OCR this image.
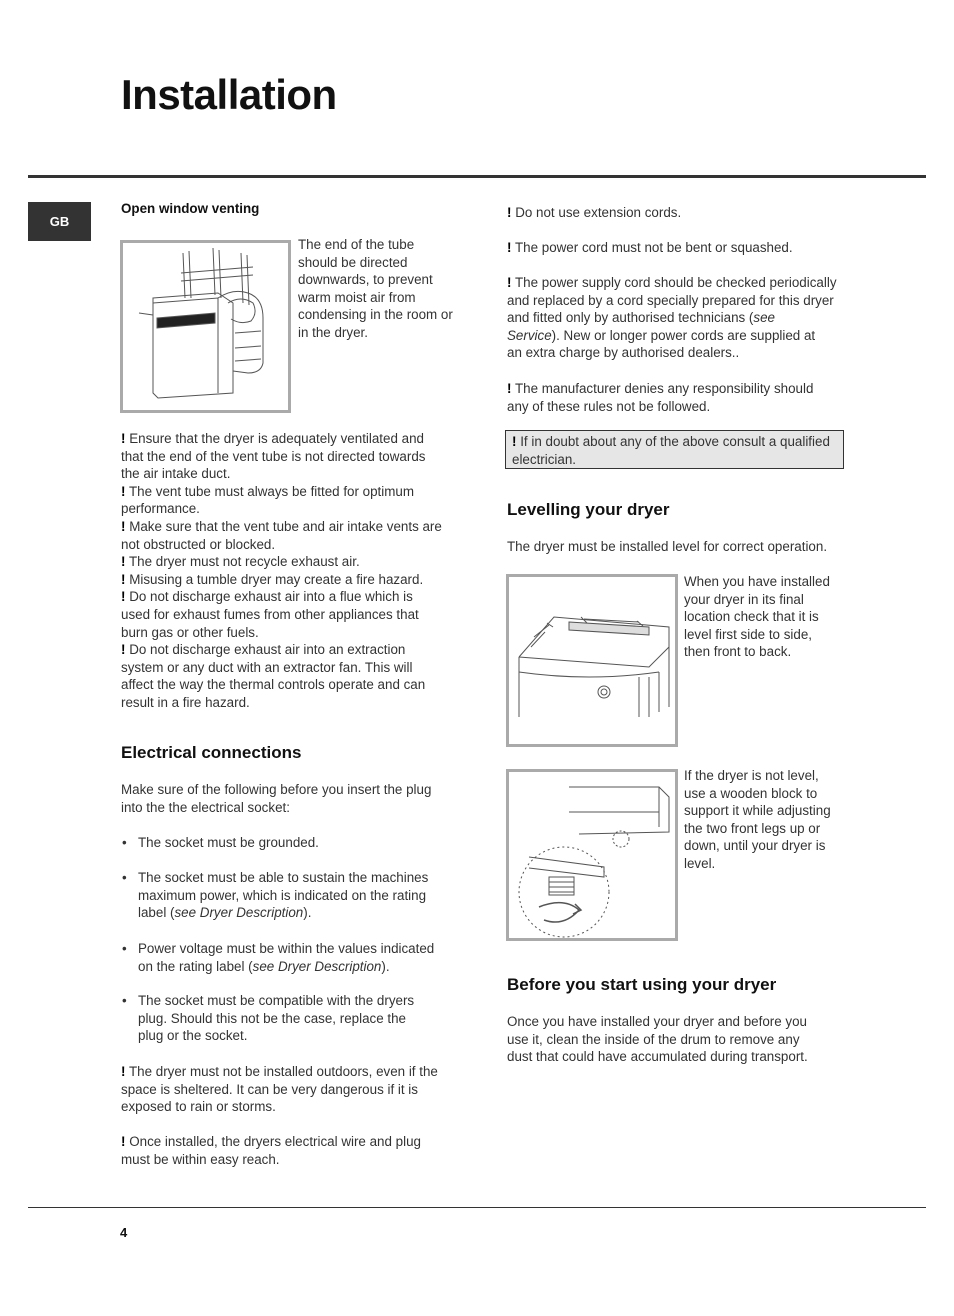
Installation
GB

Open window venting

The end of the tube
should be directed
downwards, to prevent
warm moist air from
condensing in the room or
in the dryer.
! Ensure that the dryer is adequately ventilated and
that the end of the vent tube is not directed towards
the air intake duct.
! The vent tube must always be fitted for optimum
performance.
! Make sure that the vent tube and air intake vents are
not obstructed or blocked.
! The dryer must not recycle exhaust air.
! Misusing a tumble dryer may create a fire hazard.
! Do not discharge exhaust air into a flue which is
used for exhaust fumes from other appliances that
burn gas or other fuels.
! Do not discharge exhaust air into an extraction
system or any duct with an extractor fan. This will
affect the way the thermal controls operate and can
result in a fire hazard.
Electrical connections
Make sure of the following before you insert the plug
into the the electrical socket:
• The socket must be grounded.
• The socket must be able to sustain the machines
maximum power, which is indicated on the rating
label (see Dryer Description).
• Power voltage must be within the values indicated
on the rating label (see Dryer Description).
• The socket must be compatible with the dryers
plug. Should this not be the case, replace the
plug or the socket.
! The dryer must not be installed outdoors, even if the
space is sheltered. It can be very dangerous if it is
exposed to rain or storms.
! Once installed, the dryers electrical wire and plug
must be within easy reach.
! Do not use extension cords.
! The power cord must not be bent or squashed.
! The power supply cord should be checked periodically
and replaced by a cord specially prepared for this dryer
and fitted only by authorised technicians (see
Service). New or longer power cords are supplied at
an extra charge by authorised dealers..
! The manufacturer denies any responsibility should
any of these rules not be followed.
! If in doubt about any of the above consult a qualified
electrician.
Levelling your dryer
The dryer must be installed level for correct operation.
When you have installed
your dryer in its final
location check that it is
level first side to side,
then front to back.
If the dryer is not level,
use a wooden block to
support it while adjusting
the two front legs up or
down, until your dryer is
level.
Before you start using your dryer
Once you have installed your dryer and before you
use it, clean the inside of the drum to remove any
dust that could have accumulated during transport.
4
